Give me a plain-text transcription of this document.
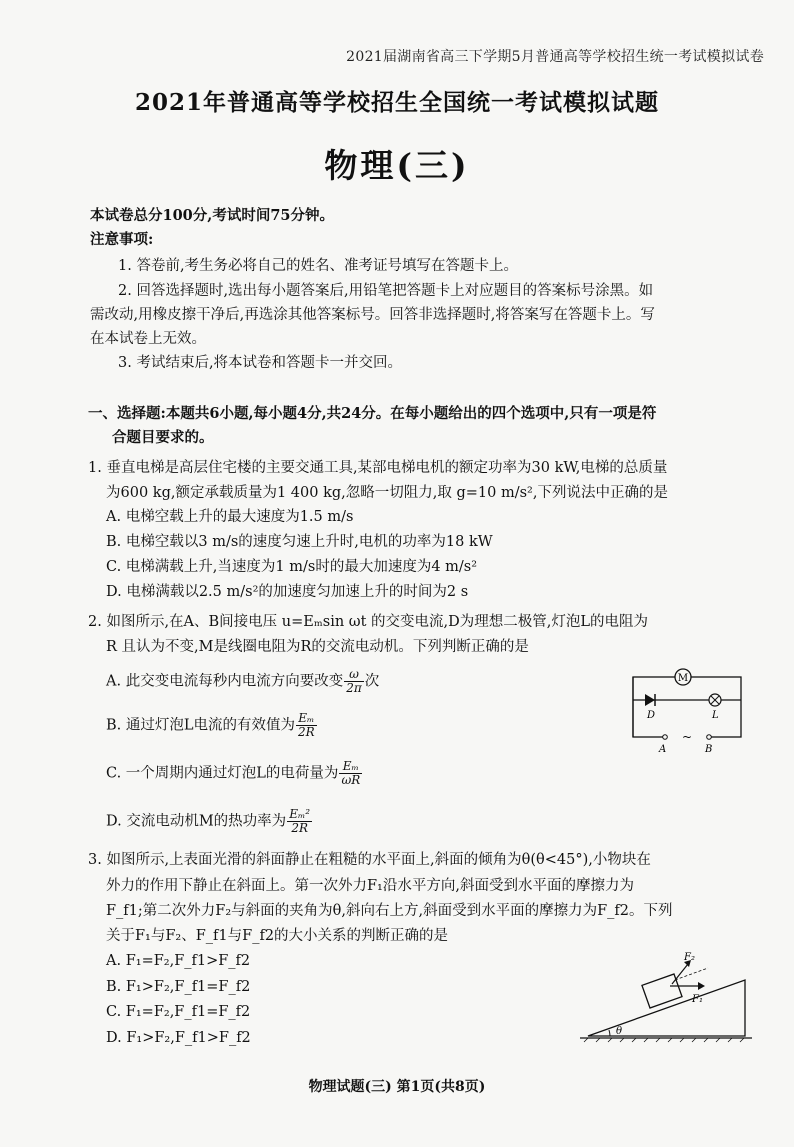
2021届湖南省高三下学期5月普通高等学校招生统一考试模拟试卷
2021年普通高等学校招生全国统一考试模拟试题
物理(三)
本试卷总分100分,考试时间75分钟。
注意事项:
1. 答卷前,考生务必将自己的姓名、准考证号填写在答题卡上。
2. 回答选择题时,选出每小题答案后,用铅笔把答题卡上对应题目的答案标号涂黑。如
需改动,用橡皮擦干净后,再选涂其他答案标号。回答非选择题时,将答案写在答题卡上。写
在本试卷上无效。
3. 考试结束后,将本试卷和答题卡一并交回。
一、选择题:本题共6小题,每小题4分,共24分。在每小题给出的四个选项中,只有一项是符
合题目要求的。
1. 垂直电梯是高层住宅楼的主要交通工具,某部电梯电机的额定功率为30 kW,电梯的总质量
为600 kg,额定承载质量为1 400 kg,忽略一切阻力,取 g=10 m/s²,下列说法中正确的是
A. 电梯空载上升的最大速度为1.5 m/s
B. 电梯空载以3 m/s的速度匀速上升时,电机的功率为18 kW
C. 电梯满载上升,当速度为1 m/s时的最大加速度为4 m/s²
D. 电梯满载以2.5 m/s²的加速度匀加速上升的时间为2 s
2. 如图所示,在A、B间接电压 u=Eₘsin ωt 的交变电流,D为理想二极管,灯泡L的电阻为
R 且认为不变,M是线圈电阻为R的交流电动机。下列判断正确的是
A. 此交变电流每秒内电流方向要改变 $\frac{\omega}{2\pi}$ 次
B. 通过灯泡L电流的有效值为 $\frac{\text{Eₘ}}{2R}$
C. 一个周期内通过灯泡L的电荷量为 $\frac{\text{Eₘ}}{\omega R}$
D. 交流电动机M的热功率为 $\frac{\text{Eₘ²}}{2R}$
M
D	L
~
A	B
3. 如图所示,上表面光滑的斜面静止在粗糙的水平面上,斜面的倾角为θ(θ<45°),小物块在
外力的作用下静止在斜面上。第一次外力F₁沿水平方向,斜面受到水平面的摩擦力为
F_f1;第二次外力F₂与斜面的夹角为θ,斜向右上方,斜面受到水平面的摩擦力为F_f2。下列
关于F₁与F₂、F_f1与F_f2的大小关系的判断正确的是
A. F₁=F₂,F_f1>F_f2
B. F₁>F₂,F_f1=F_f2
C. F₁=F₂,F_f1=F_f2
D. F₁>F₂,F_f1>F_f2	θ
F₁
F₂
物理试题(三) 第1页(共8页)
